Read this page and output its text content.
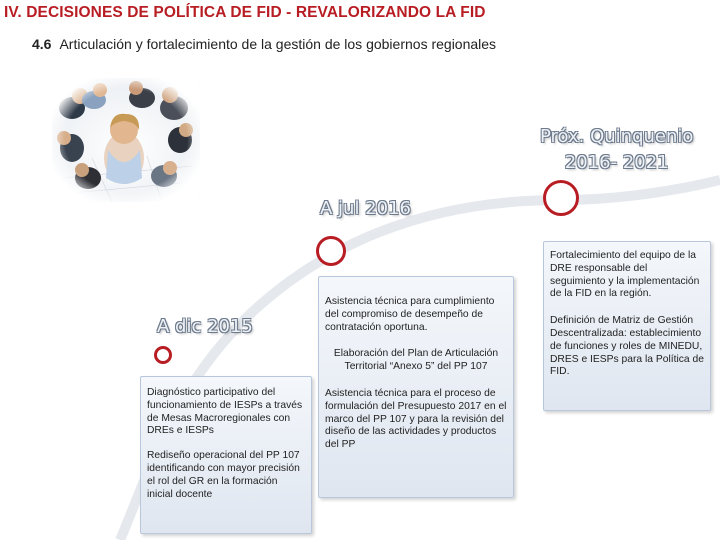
IV. DECISIONES DE POLÍTICA DE FID - REVALORIZANDO LA FID
4.6 Articulación y fortalecimiento de la gestión de los gobiernos regionales
Próx. Quinquenio
2016- 2021
A jul 2016
A dic 2015

Diagnóstico participativo del funcionamiento de IESPs a través de Mesas Macroregionales con DREs e IESPs

Rediseño operacional del PP 107 identificando con mayor precisión el rol del GR en la formación inicial docente

Asistencia técnica para cumplimiento del compromiso de desempeño de contratación oportuna.

Elaboración del Plan de Articulación Territorial “Anexo 5” del PP 107

Asistencia técnica para el proceso de formulación del Presupuesto 2017 en el marco del PP 107 y para la revisión del diseño de las actividades y productos del PP

Fortalecimiento del equipo de la DRE responsable del seguimiento y la implementación de la FID en la región.

Definición de Matriz de Gestión Descentralizada: establecimiento de funciones y roles de MINEDU, DRES e IESPs para la Política de FID.
